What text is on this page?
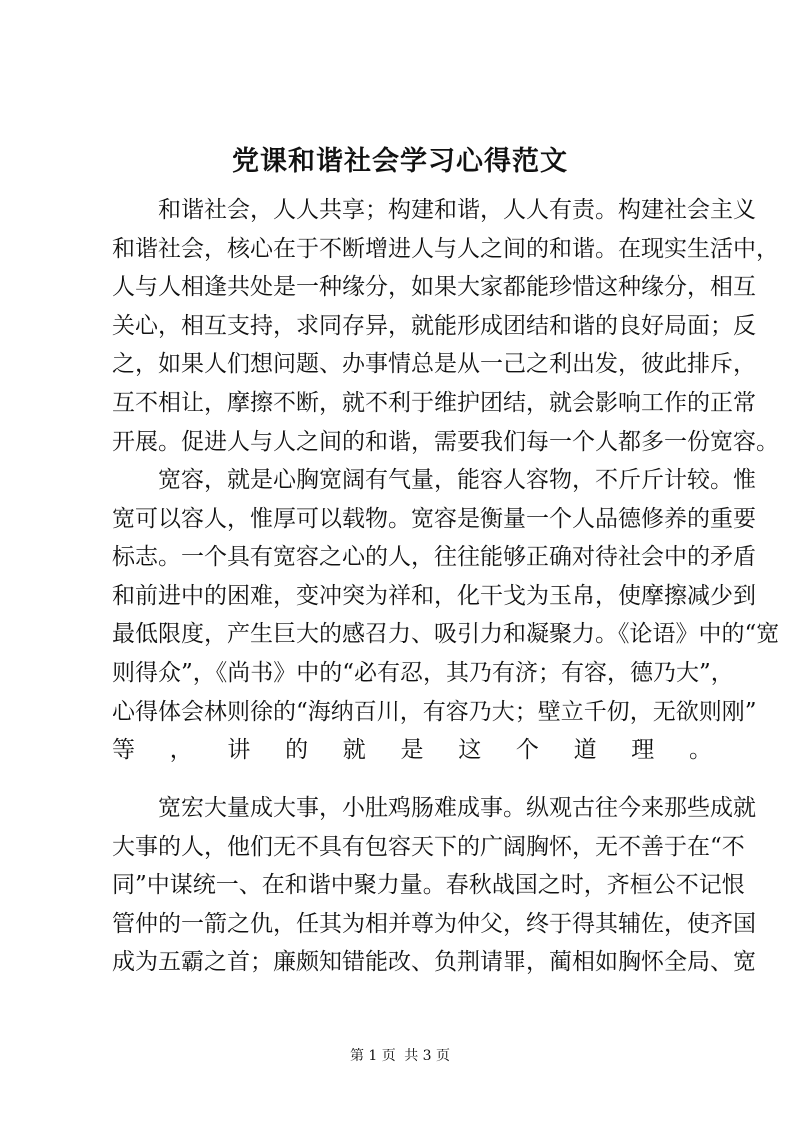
党课和谐社会学习心得范文
和谐社会，人人共享；构建和谐，人人有责。构建社会主义
和谐社会，核心在于不断增进人与人之间的和谐。在现实生活中，
人与人相逢共处是一种缘分，如果大家都能珍惜这种缘分，相互
关心，相互支持，求同存异，就能形成团结和谐的良好局面；反
之，如果人们想问题、办事情总是从一己之利出发，彼此排斥，
互不相让，摩擦不断，就不利于维护团结，就会影响工作的正常
开展。促进人与人之间的和谐，需要我们每一个人都多一份宽容。
宽容，就是心胸宽阔有气量，能容人容物，不斤斤计较。惟
宽可以容人，惟厚可以载物。宽容是衡量一个人品德修养的重要
标志。一个具有宽容之心的人，往往能够正确对待社会中的矛盾
和前进中的困难，变冲突为祥和，化干戈为玉帛，使摩擦减少到
最低限度，产生巨大的感召力、吸引力和凝聚力。《论语》中的“宽
则得众”，《尚书》中的“必有忍，其乃有济；有容，德乃大”，
心得体会林则徐的“海纳百川，有容乃大；壁立千仞，无欲则刚”
等，讲的就是这个道理。
宽宏大量成大事，小肚鸡肠难成事。纵观古往今来那些成就
大事的人，他们无不具有包容天下的广阔胸怀，无不善于在“不
同”中谋统一、在和谐中聚力量。春秋战国之时，齐桓公不记恨
管仲的一箭之仇，任其为相并尊为仲父，终于得其辅佐，使齐国
成为五霸之首；廉颇知错能改、负荆请罪，蔺相如胸怀全局、宽
第 1 页 共 3 页
